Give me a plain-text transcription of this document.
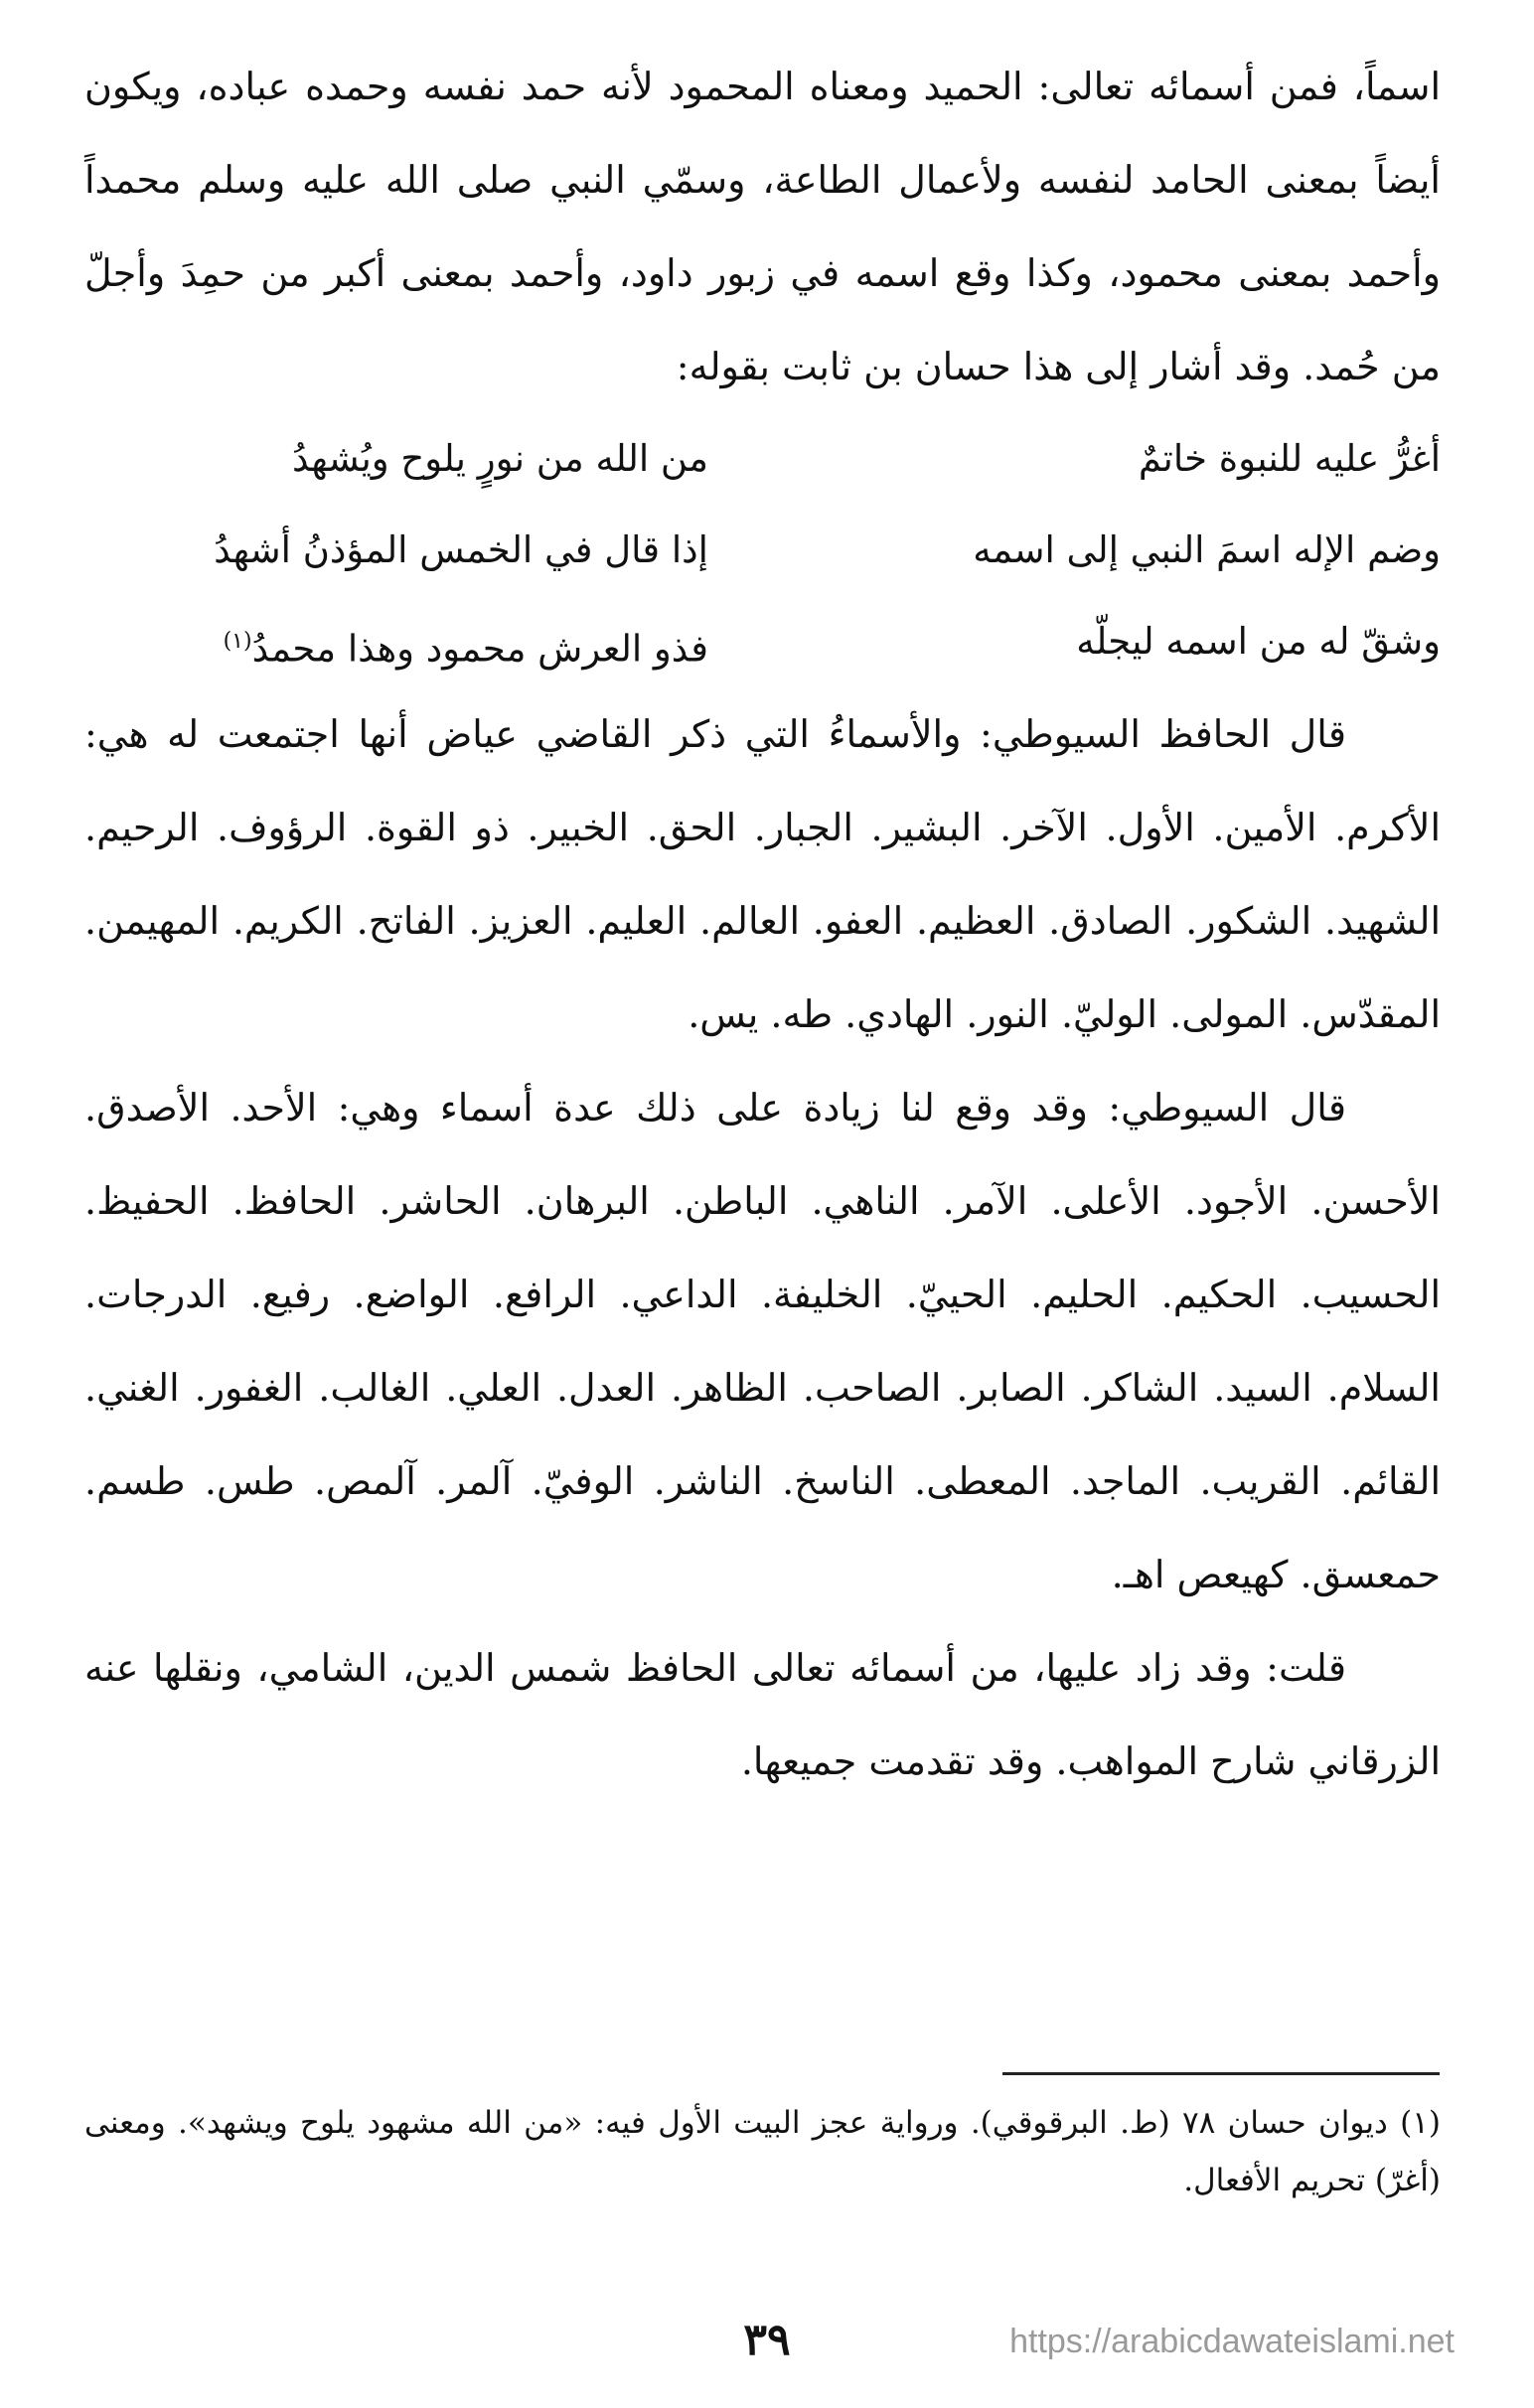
اسماً، فمن أسمائه تعالى: الحميد ومعناه المحمود لأنه حمد نفسه وحمده عباده، ويكون أيضاً بمعنى الحامد لنفسه ولأعمال الطاعة، وسمّي النبي صلى الله عليه وسلم محمداً وأحمد بمعنى محمود، وكذا وقع اسمه في زبور داود، وأحمد بمعنى أكبر من حمِدَ وأجلّ من حُمد. وقد أشار إلى هذا حسان بن ثابت بقوله:

أغرُّ عليه للنبوة خاتمٌ
من الله من نورٍ يلوح ويُشهدُ
وضم الإله اسمَ النبي إلى اسمه
إذا قال في الخمس المؤذنُ أشهدُ
وشقّ له من اسمه ليجلّه
فذو العرش محمود وهذا محمدُ$^{(١)}$

قال الحافظ السيوطي: والأسماءُ التي ذكر القاضي عياض أنها اجتمعت له هي: الأكرم. الأمين. الأول. الآخر. البشير. الجبار. الحق. الخبير. ذو القوة. الرؤوف. الرحيم. الشهيد. الشكور. الصادق. العظيم. العفو. العالم. العليم. العزيز. الفاتح. الكريم. المهيمن. المقدّس. المولى. الوليّ. النور. الهادي. طه. يس.

قال السيوطي: وقد وقع لنا زيادة على ذلك عدة أسماء وهي: الأحد. الأصدق. الأحسن. الأجود. الأعلى. الآمر. الناهي. الباطن. البرهان. الحاشر. الحافظ. الحفيظ. الحسيب. الحكيم. الحليم. الحييّ. الخليفة. الداعي. الرافع. الواضع. رفيع. الدرجات. السلام. السيد. الشاكر. الصابر. الصاحب. الظاهر. العدل. العلي. الغالب. الغفور. الغني. القائم. القريب. الماجد. المعطى. الناسخ. الناشر. الوفيّ. آلمر. آلمص. طس. طسم. حمعسق. كهيعص اهـ.

قلت: وقد زاد عليها، من أسمائه تعالى الحافظ شمس الدين، الشامي، ونقلها عنه الزرقاني شارح المواهب. وقد تقدمت جميعها.

(١) ديوان حسان ٧٨ (ط. البرقوقي). ورواية عجز البيت الأول فيه: «من الله مشهود يلوح ويشهد». ومعنى (أغرّ) تحريم الأفعال.
٣٩	https://arabicdawateislami.net
